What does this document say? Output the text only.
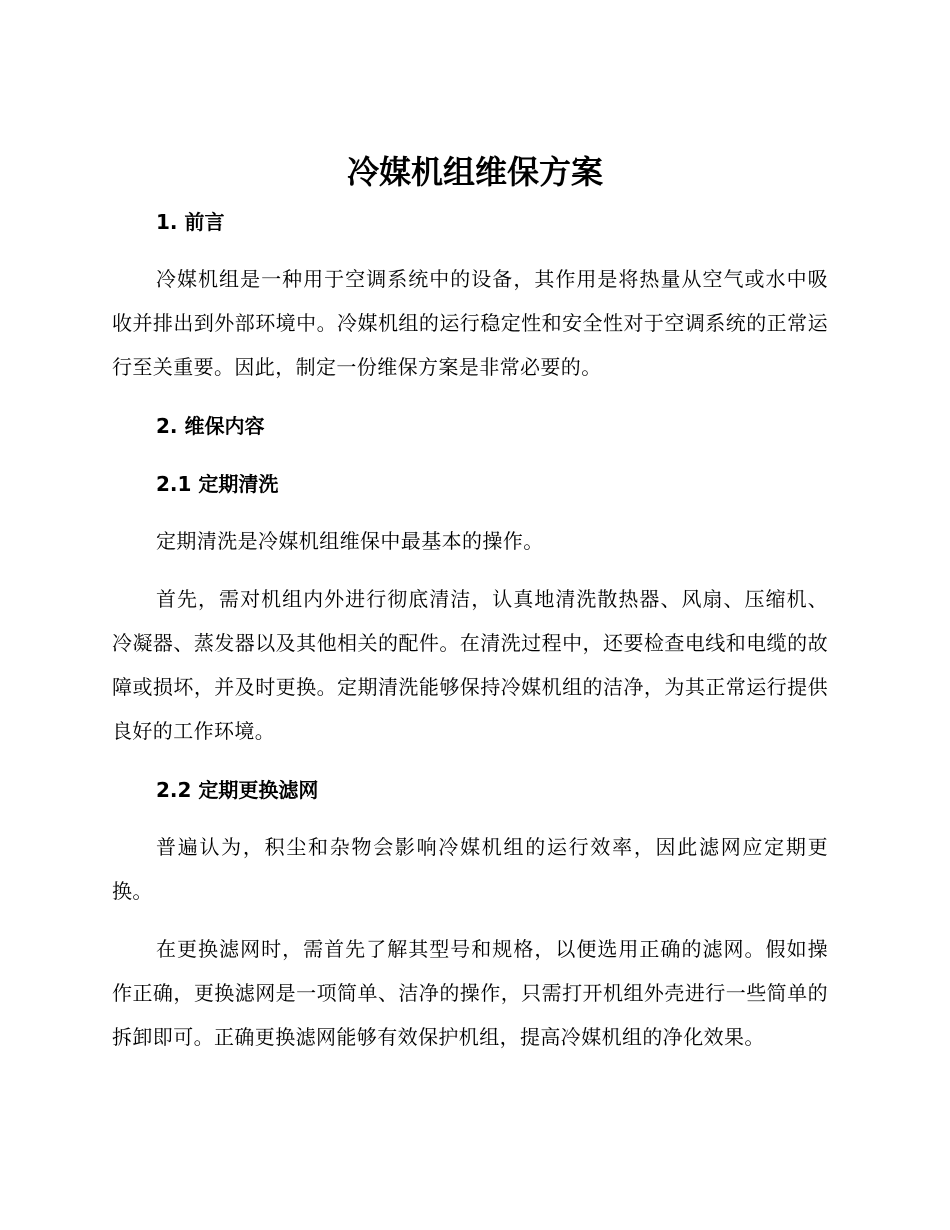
冷媒机组维保方案
1. 前言

冷媒机组是一种用于空调系统中的设备，其作用是将热量从空气或水中吸收并排出到外部环境中。冷媒机组的运行稳定性和安全性对于空调系统的正常运行至关重要。因此，制定一份维保方案是非常必要的。

2. 维保内容
2.1 定期清洗

定期清洗是冷媒机组维保中最基本的操作。

首先，需对机组内外进行彻底清洁，认真地清洗散热器、风扇、压缩机、冷凝器、蒸发器以及其他相关的配件。在清洗过程中，还要检查电线和电缆的故障或损坏，并及时更换。定期清洗能够保持冷媒机组的洁净，为其正常运行提供良好的工作环境。

2.2 定期更换滤网

普遍认为，积尘和杂物会影响冷媒机组的运行效率，因此滤网应定期更换。

在更换滤网时，需首先了解其型号和规格，以便选用正确的滤网。假如操作正确，更换滤网是一项简单、洁净的操作，只需打开机组外壳进行一些简单的拆卸即可。正确更换滤网能够有效保护机组，提高冷媒机组的净化效果。
